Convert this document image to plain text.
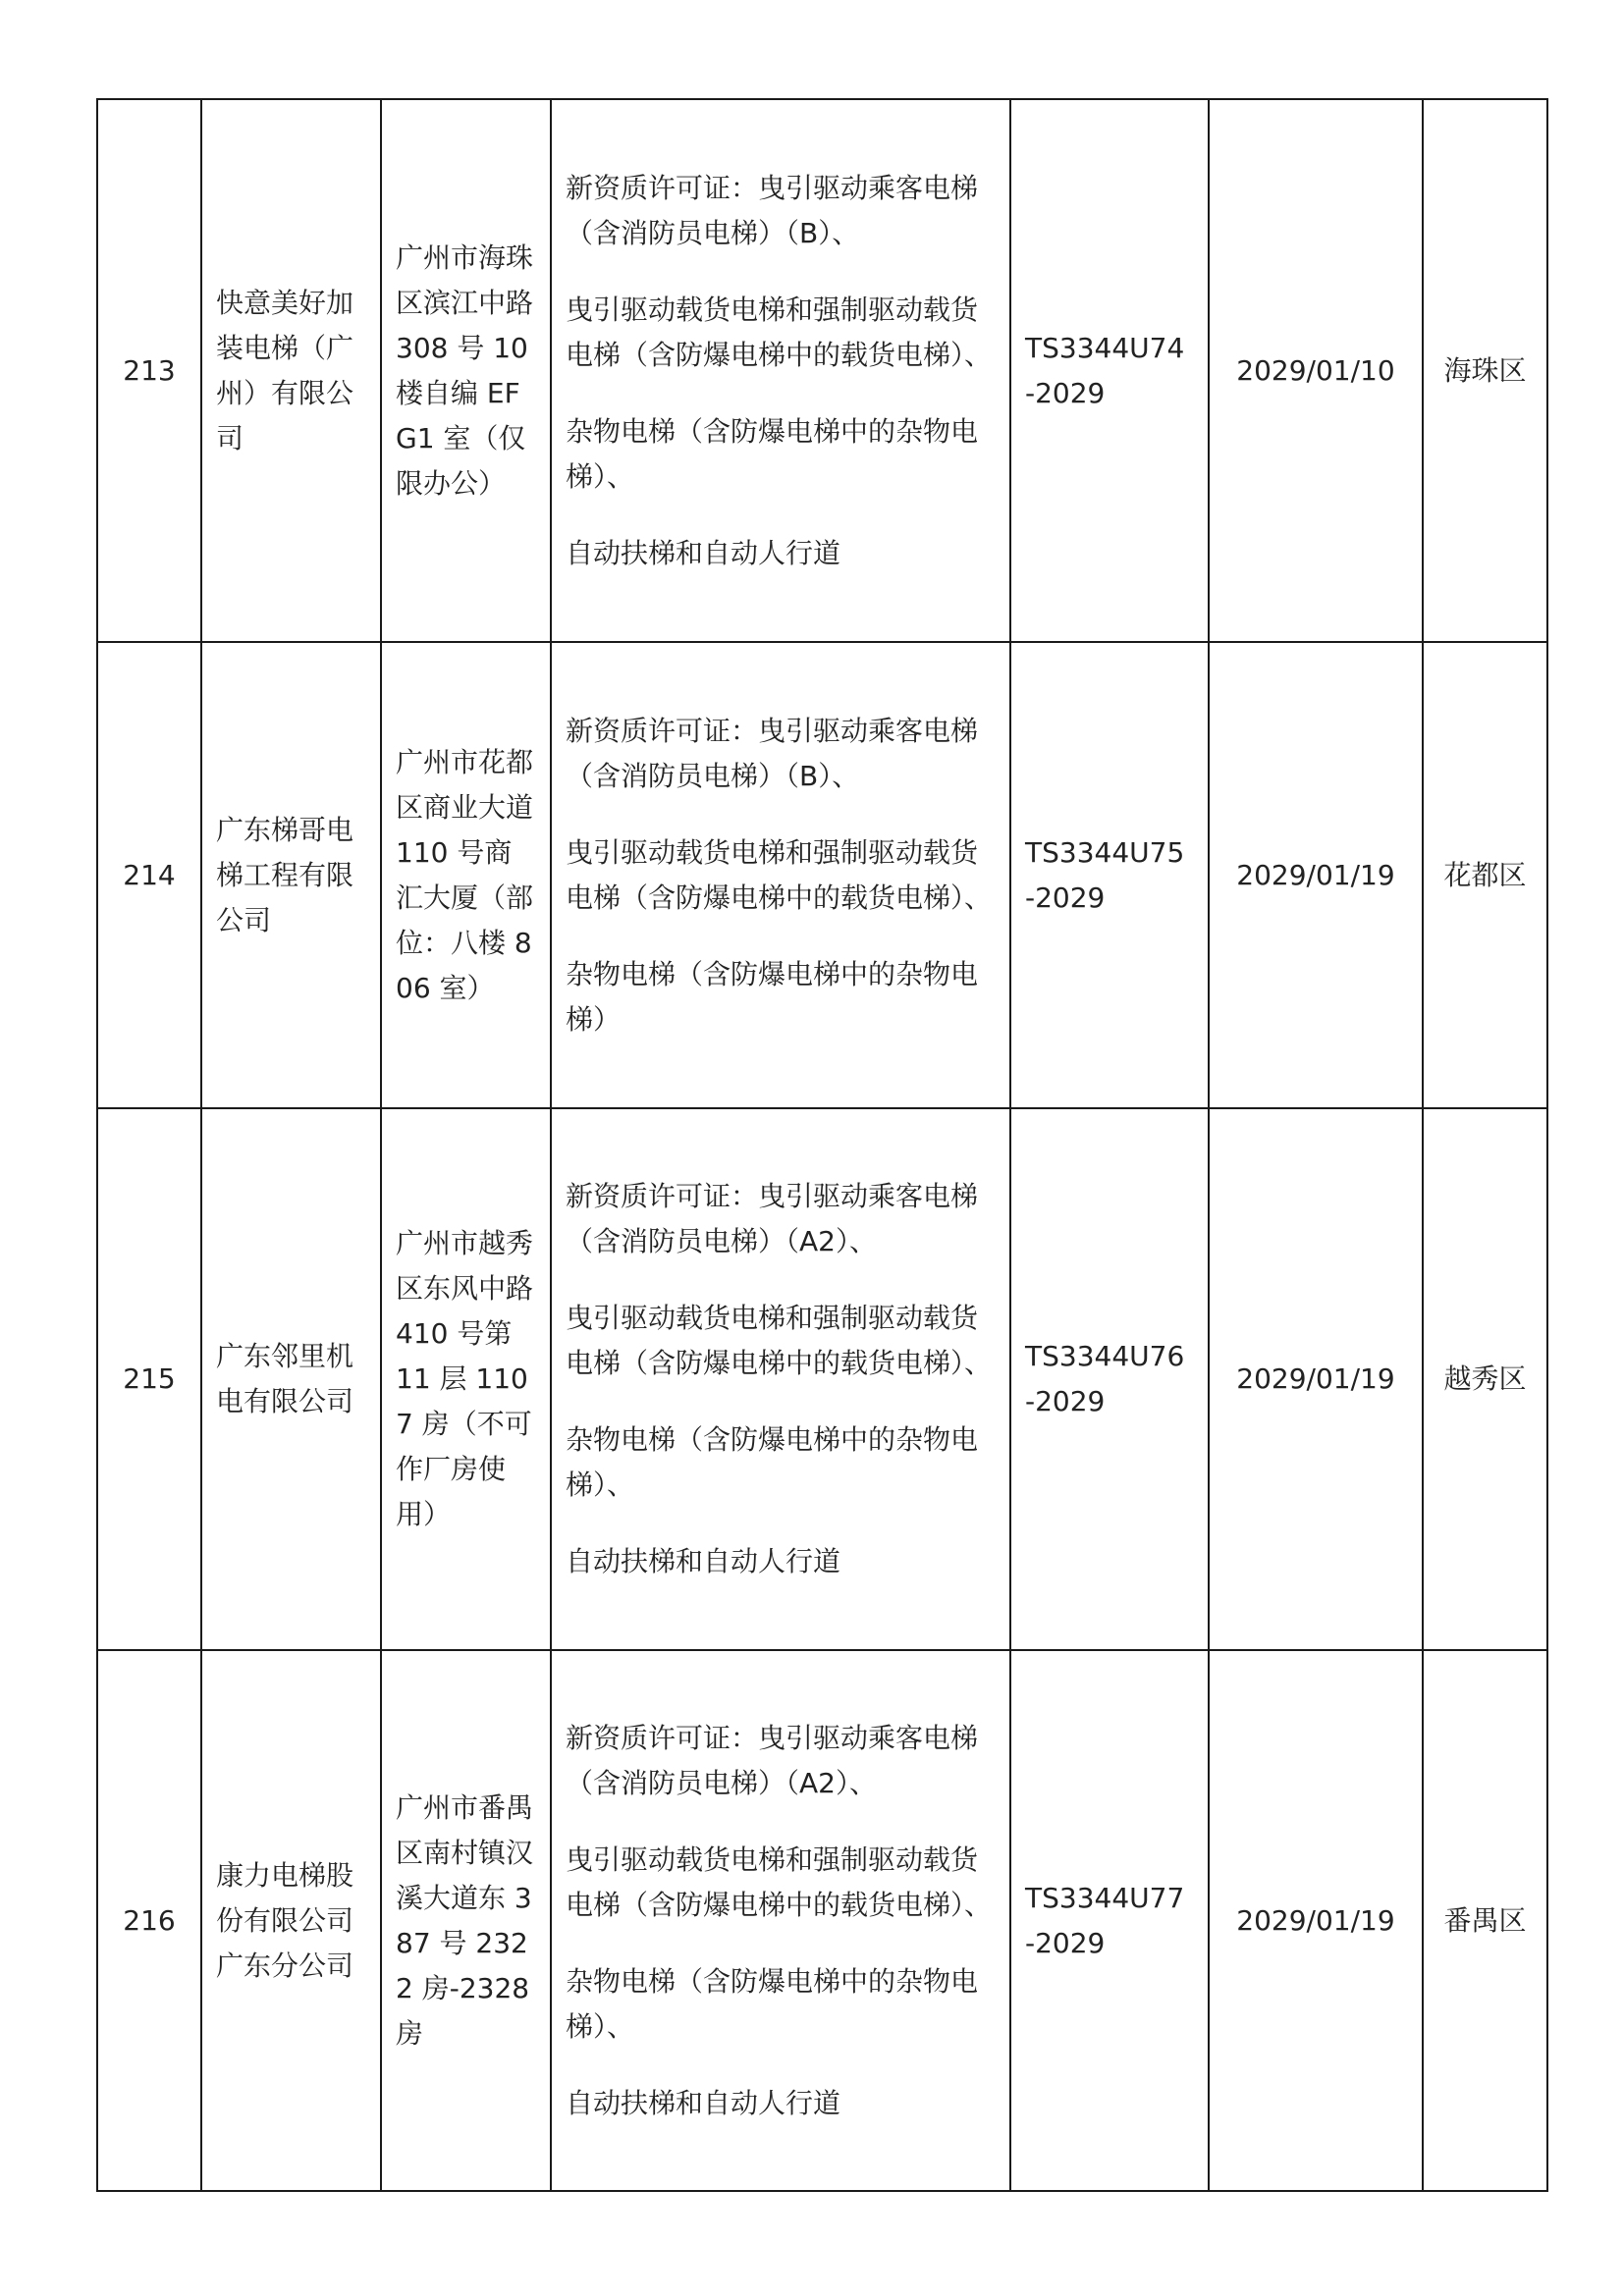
213	快意美好加装电梯（广州）有限公司	广州市海珠区滨江中路 308 号 10 楼自编 EFG1 室（仅限办公）	新资质许可证：曳引驱动乘客电梯（含消防员电梯）（B）、
曳引驱动载货电梯和强制驱动载货电梯（含防爆电梯中的载货电梯）、
杂物电梯（含防爆电梯中的杂物电梯）、
自动扶梯和自动人行道	TS3344U74-2029	2029/01/10	海珠区
214	广东梯哥电梯工程有限公司	广州市花都区商业大道 110 号商汇大厦（部位：八楼 806 室）	新资质许可证：曳引驱动乘客电梯（含消防员电梯）（B）、
曳引驱动载货电梯和强制驱动载货电梯（含防爆电梯中的载货电梯）、
杂物电梯（含防爆电梯中的杂物电梯）	TS3344U75-2029	2029/01/19	花都区
215	广东邻里机电有限公司	广州市越秀区东风中路 410 号第 11 层 1107 房（不可作厂房使用）	新资质许可证：曳引驱动乘客电梯（含消防员电梯）（A2）、
曳引驱动载货电梯和强制驱动载货电梯（含防爆电梯中的载货电梯）、
杂物电梯（含防爆电梯中的杂物电梯）、
自动扶梯和自动人行道	TS3344U76-2029	2029/01/19	越秀区
216	康力电梯股份有限公司广东分公司	广州市番禺区南村镇汉溪大道东 387 号 2322 房-2328 房	新资质许可证：曳引驱动乘客电梯（含消防员电梯）（A2）、
曳引驱动载货电梯和强制驱动载货电梯（含防爆电梯中的载货电梯）、
杂物电梯（含防爆电梯中的杂物电梯）、
自动扶梯和自动人行道	TS3344U77-2029	2029/01/19	番禺区
